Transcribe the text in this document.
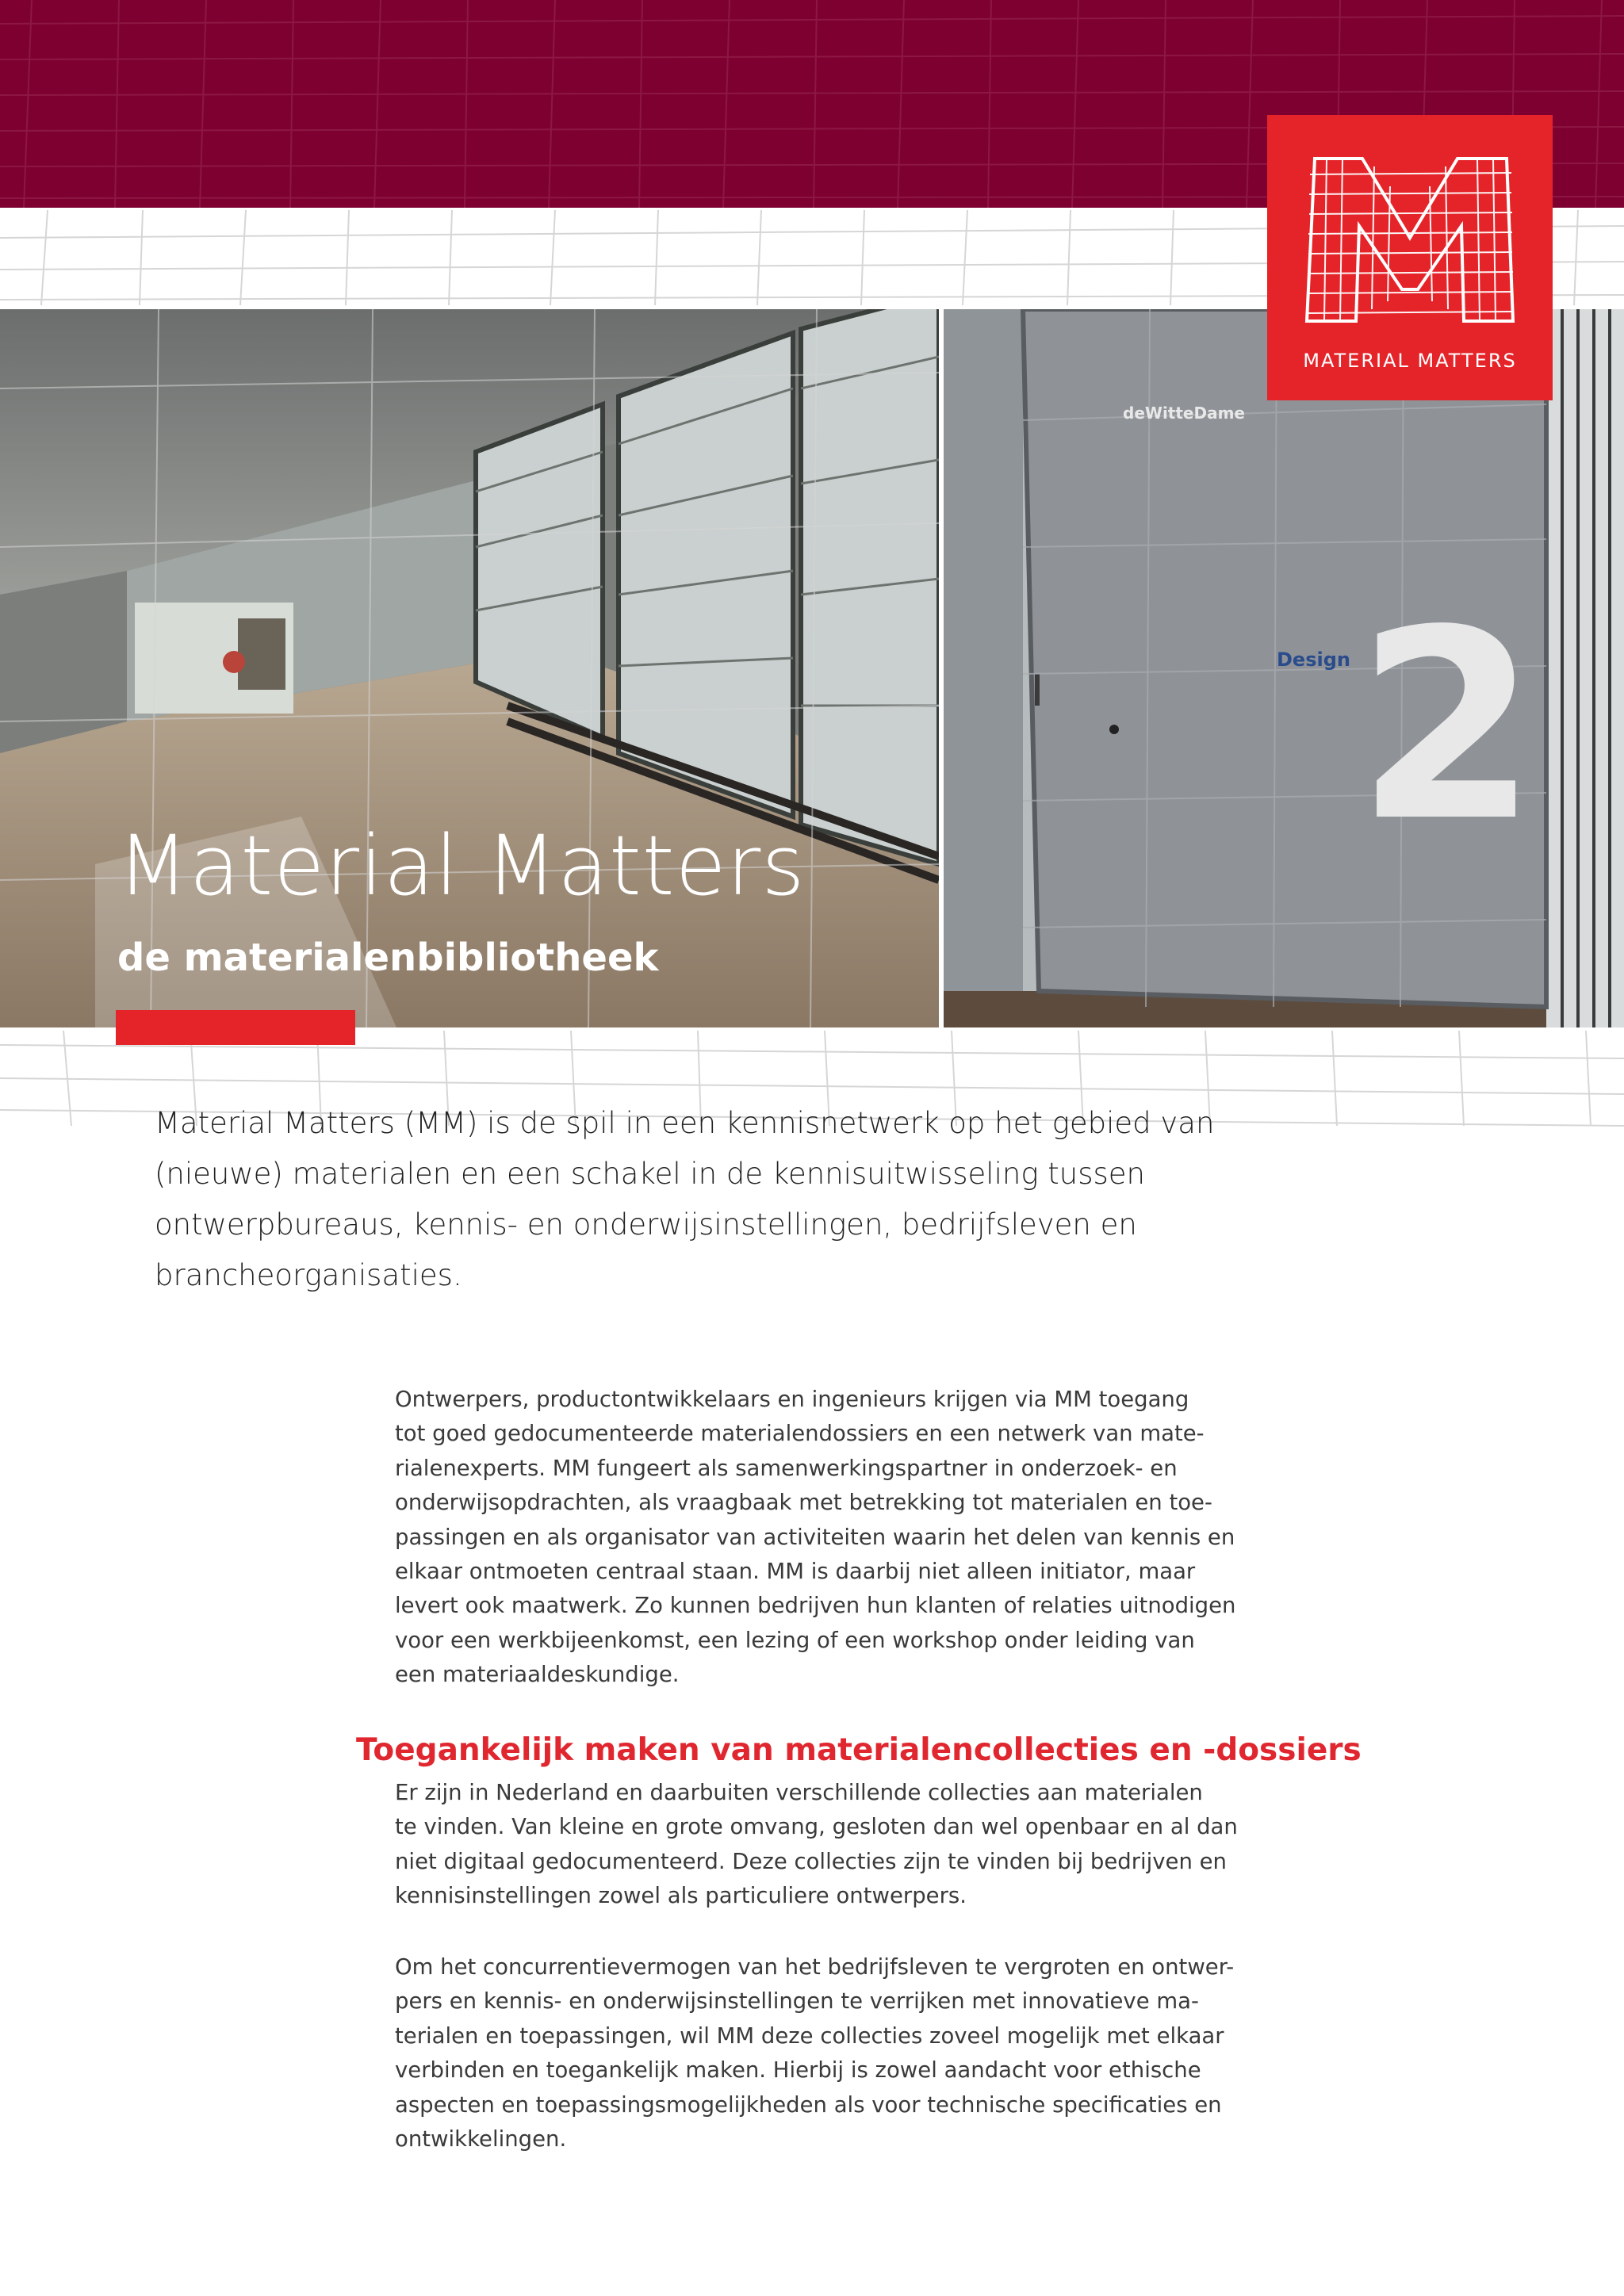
MATERIAL MATTERS
deWitteDame
Design 2
Material Matters
de materialenbibliotheek

Material Matters (MM) is de spil in een kennisnetwerk op het gebied van
(nieuwe) materialen en een schakel in de kennisuitwisseling tussen
ontwerpbureaus, kennis- en onderwijsinstellingen, bedrijfsleven en
brancheorganisaties.

Ontwerpers, productontwikkelaars en ingenieurs krijgen via MM toegang
tot goed gedocumenteerde materialendossiers en een netwerk van mate-
rialenexperts. MM fungeert als samenwerkingspartner in onderzoek- en
onderwijsopdrachten, als vraagbaak met betrekking tot materialen en toe-
passingen en als organisator van activiteiten waarin het delen van kennis en
elkaar ontmoeten centraal staan. MM is daarbij niet alleen initiator, maar
levert ook maatwerk. Zo kunnen bedrijven hun klanten of relaties uitnodigen
voor een werkbijeenkomst, een lezing of een workshop onder leiding van
een materiaaldeskundige.

Toegankelijk maken van materialencollecties en -dossiers

Er zijn in Nederland en daarbuiten verschillende collecties aan materialen
te vinden. Van kleine en grote omvang, gesloten dan wel openbaar en al dan
niet digitaal gedocumenteerd. Deze collecties zijn te vinden bij bedrijven en
kennisinstellingen zowel als particuliere ontwerpers.

Om het concurrentievermogen van het bedrijfsleven te vergroten en ontwer-
pers en kennis- en onderwijsinstellingen te verrijken met innovatieve ma-
terialen en toepassingen, wil MM deze collecties zoveel mogelijk met elkaar
verbinden en toegankelijk maken. Hierbij is zowel aandacht voor ethische
aspecten en toepassingsmogelijkheden als voor technische specificaties en
ontwikkelingen.
